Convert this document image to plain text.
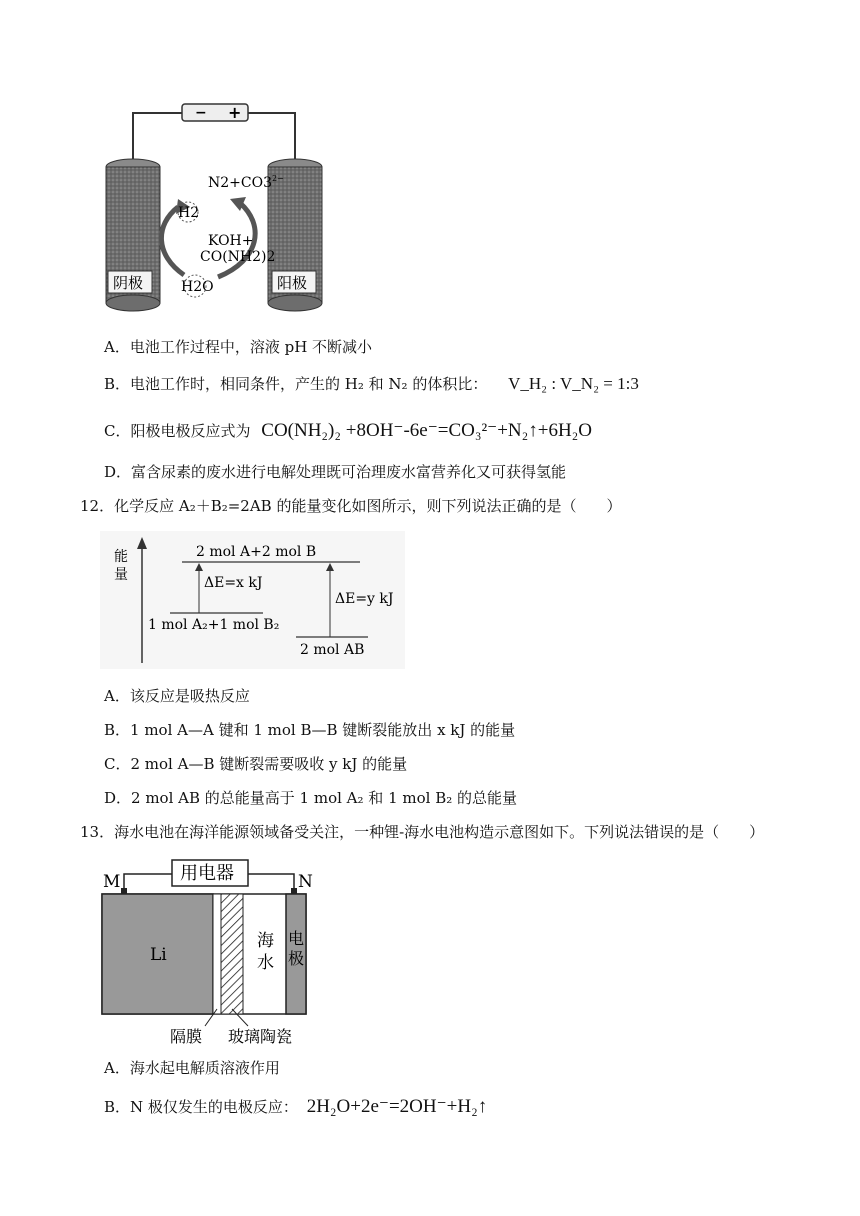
− +
阴极	阳极
$N2+CO3^{2-}$
H2
KOH+
CO(NH2)2
H2O
A．电池工作过程中，溶液 pH 不断减小
B．电池工作时，相同条件，产生的 H₂ 和 N₂ 的体积比： V_H₂ : V_N₂ = 1:3
C．阳极电极反应式为 CO(NH₂)₂ +8OH⁻-6e⁻=CO₃²⁻+N₂↑+6H₂O
D．富含尿素的废水进行电解处理既可治理废水富营养化又可获得氢能
12．化学反应 A₂＋B₂=2AB 的能量变化如图所示，则下列说法正确的是（　　）
能
量
2 mol A+2 mol B
1 mol A₂+1 mol B₂
2 mol AB
ΔE=x kJ
ΔE=y kJ
A．该反应是吸热反应
B．1 mol A—A 键和 1 mol B—B 键断裂能放出 x kJ 的能量
C．2 mol A—B 键断裂需要吸收 y kJ 的能量
D．2 mol AB 的总能量高于 1 mol A₂ 和 1 mol B₂ 的总能量
13．海水电池在海洋能源领域备受关注，一种锂-海水电池构造示意图如下。下列说法错误的是（　　）
用电器
M	N
Li
海
水
电
极
隔膜 玻璃陶瓷
A．海水起电解质溶液作用
B．N 极仅发生的电极反应： 2H₂O+2e⁻=2OH⁻+H₂↑
